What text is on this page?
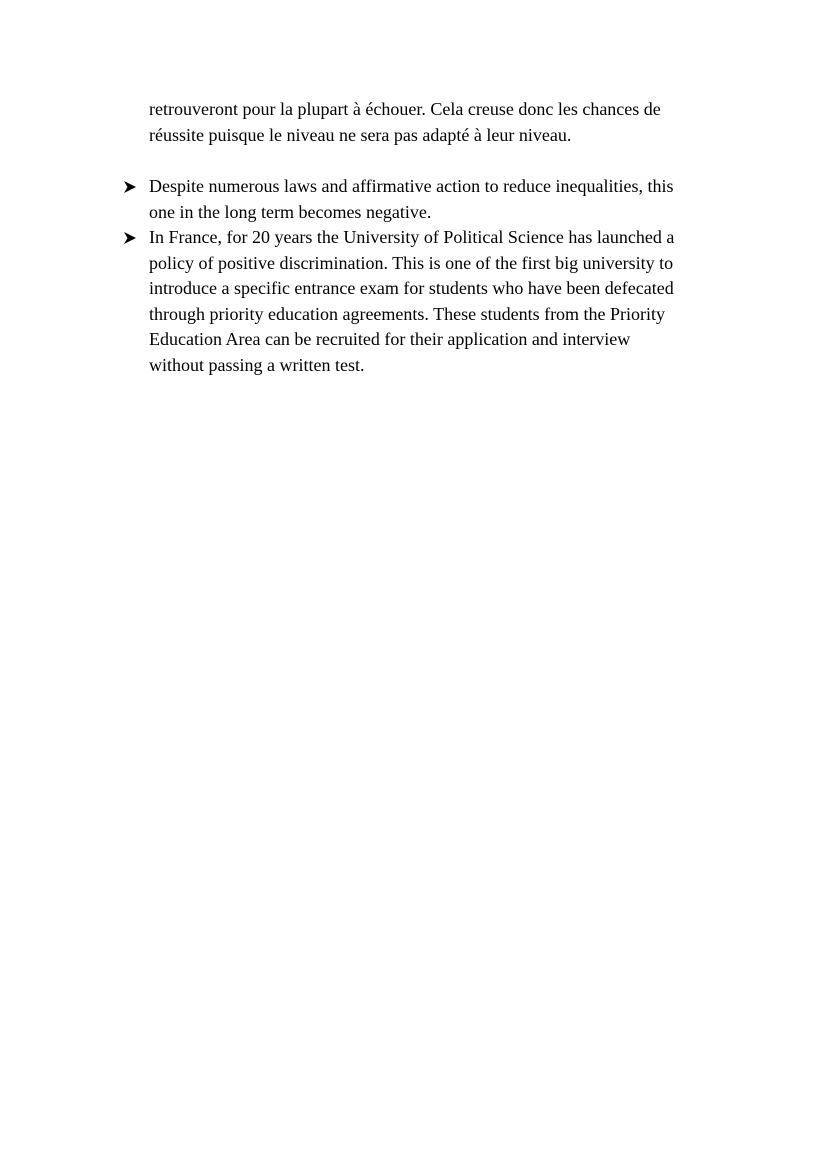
retrouveront pour la plupart à échouer. Cela creuse donc les chances de
réussite puisque le niveau ne sera pas adapté à leur niveau.

Despite numerous laws and affirmative action to reduce inequalities, this
one in the long term becomes negative.
In France, for 20 years the University of Political Science has launched a
policy of positive discrimination. This is one of the first big university to
introduce a specific entrance exam for students who have been defecated
through priority education agreements. These students from the Priority
Education Area can be recruited for their application and interview
without passing a written test.
